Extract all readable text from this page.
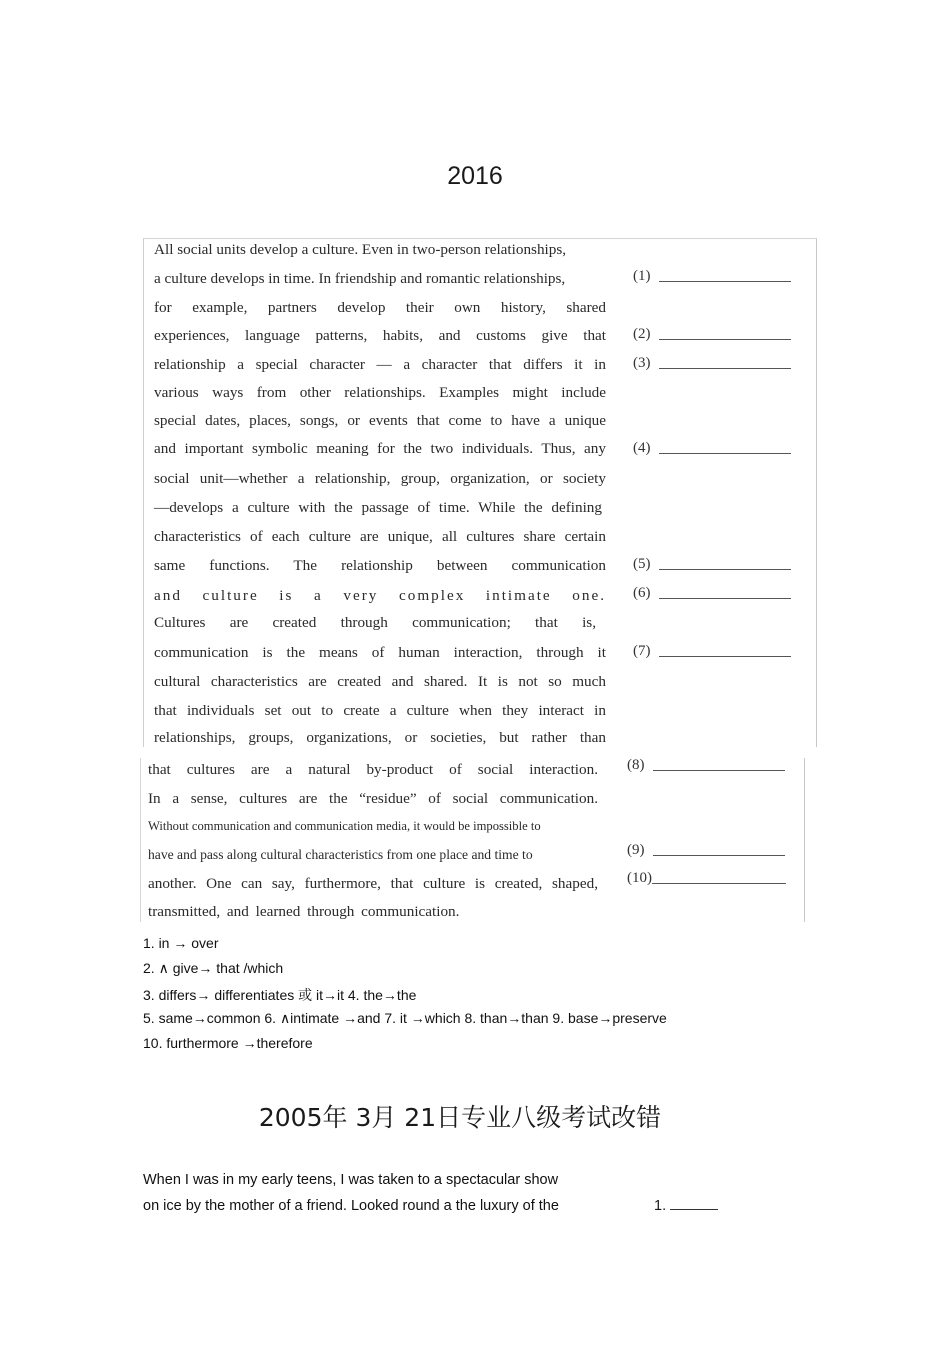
2016
All social units develop a culture. Even in two-person relationships,
a culture develops in time. In friendship and romantic relationships,
for example, partners develop their own history, shared
experiences, language patterns, habits, and customs give that
relationship a special character — a character that differs it in
various ways from other relationships. Examples might include
special dates, places, songs, or events that come to have a unique
and important symbolic meaning for the two individuals. Thus, any
social unit—whether a relationship, group, organization, or society
—develops a culture with the passage of time. While the defining
characteristics of each culture are unique, all cultures share certain
same functions. The relationship between communication
and culture is a very complex intimate one.
Cultures are created through communication; that is,
communication is the means of human interaction, through it
cultural characteristics are created and shared. It is not so much
that individuals set out to create a culture when they interact in
relationships, groups, organizations, or societies, but rather than
(1)
(2)
(3)
(4)
(5)
(6)
(7)
that cultures are a natural by-product of social interaction.
In a sense, cultures are the “residue” of social communication.
Without communication and communication media, it would be impossible to
have and pass along cultural characteristics from one place and time to
another. One can say, furthermore, that culture is created, shaped,
transmitted, and learned through communication.
(8)
(9)
(10)
1. in → over
2. ∧ give→ that /which
3. differs→ differentiates 或 it→it 4. the→the
5. same→common 6. ∧intimate →and 7. it →which 8. than→than 9. base→preserve
10. furthermore →therefore
2005年 3月 21日专业八级考试改错
When I was in my early teens, I was taken to a spectacular show
on ice by the mother of a friend. Looked round a the luxury of the	1.
